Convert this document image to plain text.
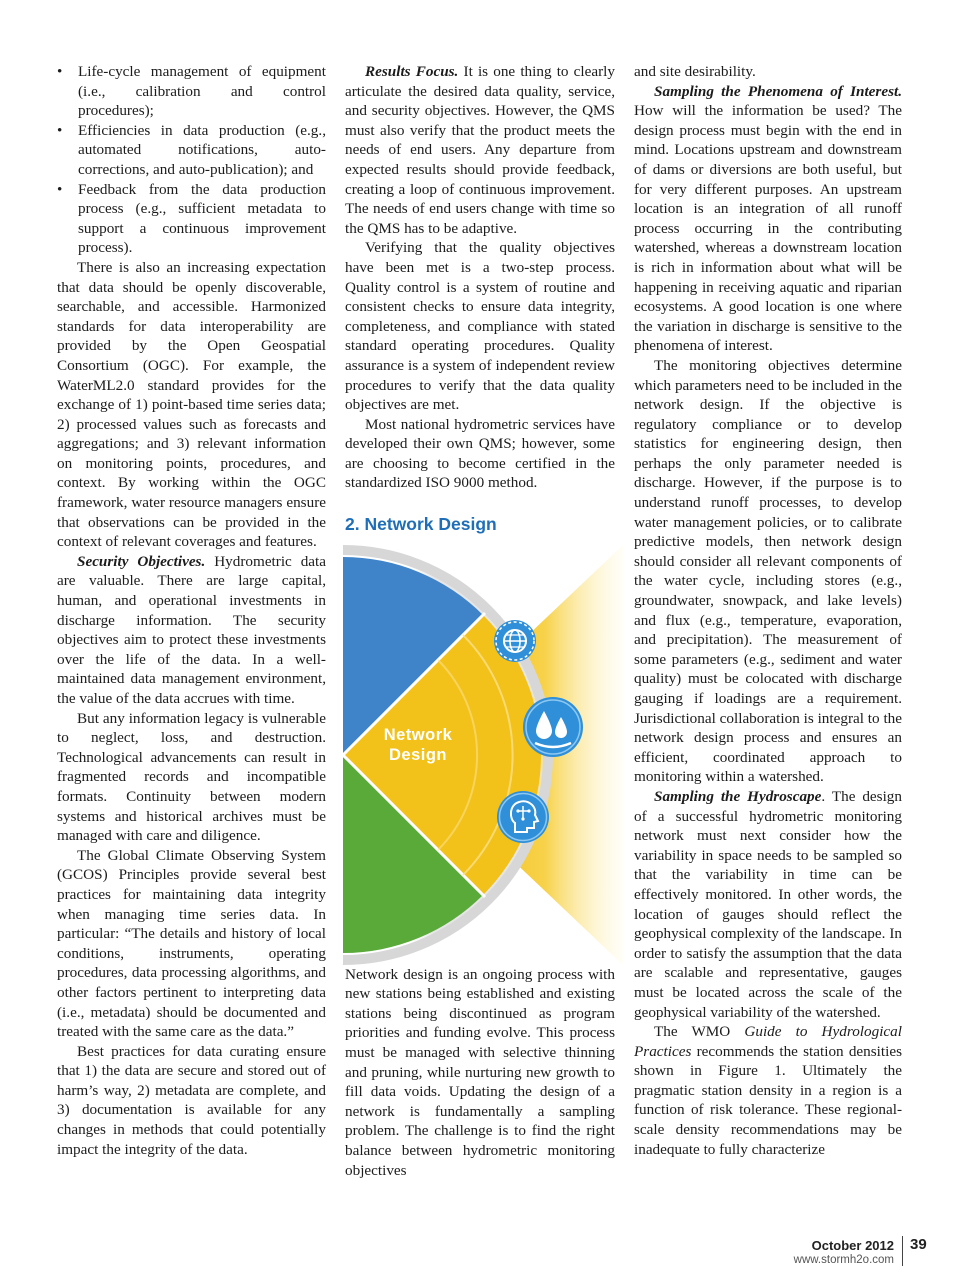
• Life-cycle management of equipment (i.e., calibration and control procedures);
• Efficiencies in data production (e.g., automated notifications, auto-corrections, and auto-publication); and
• Feedback from the data production process (e.g., sufficient metadata to support a continuous improvement process).

There is also an increasing expectation that data should be openly discoverable, searchable, and accessible. Harmonized standards for data interoperability are provided by the Open Geospatial Consortium (OGC). For example, the WaterML2.0 standard provides for the exchange of 1) point-based time series data; 2) processed values such as forecasts and aggregations; and 3) relevant information on monitoring points, procedures, and context. By working within the OGC framework, water resource managers ensure that observations can be provided in the context of relevant coverages and features.

Security Objectives. Hydrometric data are valuable. There are large capital, human, and operational investments in discharge information. The security objectives aim to protect these investments over the life of the data. In a well-maintained data management environment, the value of the data accrues with time.

But any information legacy is vulnerable to neglect, loss, and destruction. Technological advancements can result in fragmented records and incompatible formats. Continuity between modern systems and historical archives must be managed with care and diligence.

The Global Climate Observing System (GCOS) Principles provide several best practices for maintaining data integrity when managing time series data. In particular: “The details and history of local conditions, instruments, operating procedures, data processing algorithms, and other factors pertinent to interpreting data (i.e., metadata) should be documented and treated with the same care as the data.”

Best practices for data curating ensure that 1) the data are secure and stored out of harm’s way, 2) metadata are complete, and 3) documentation is available for any changes in methods that could potentially impact the integrity of the data.

Results Focus. It is one thing to clearly articulate the desired data quality, service, and security objectives. However, the QMS must also verify that the product meets the needs of end users. Any departure from expected results should provide feedback, creating a loop of continuous improvement. The needs of end users change with time so the QMS has to be adaptive.

Verifying that the quality objectives have been met is a two-step process. Quality control is a system of routine and consistent checks to ensure data integrity, completeness, and compliance with stated standard operating procedures. Quality assurance is a system of independent review procedures to verify that the data quality objectives are met.

Most national hydrometric services have developed their own QMS; however, some are choosing to become certified in the standardized ISO 9000 method.

2. Network Design
Network Design

Network design is an ongoing process with new stations being established and existing stations being discontinued as program priorities and funding evolve. This process must be managed with selective thinning and pruning, while nurturing new growth to fill data voids. Updating the design of a network is fundamentally a sampling problem. The challenge is to find the right balance between hydrometric monitoring objectives

and site desirability.

Sampling the Phenomena of Interest. How will the information be used? The design process must begin with the end in mind. Locations upstream and downstream of dams or diversions are both useful, but for very different purposes. An upstream location is an integration of all runoff process occurring in the contributing watershed, whereas a downstream location is rich in information about what will be happening in receiving aquatic and riparian ecosystems. A good location is one where the variation in discharge is sensitive to the phenomena of interest.

The monitoring objectives determine which parameters need to be included in the network design. If the objective is regulatory compliance or to develop statistics for engineering design, then perhaps the only parameter needed is discharge. However, if the purpose is to understand runoff processes, to develop water management policies, or to calibrate predictive models, then network design should consider all relevant components of the water cycle, including stores (e.g., groundwater, snowpack, and lake levels) and flux (e.g., temperature, evaporation, and precipitation). The measurement of some parameters (e.g., sediment and water quality) must be colocated with discharge gauging if loadings are a requirement. Jurisdictional collaboration is integral to the network design process and ensures an efficient, coordinated approach to monitoring within a watershed.

Sampling the Hydroscape. The design of a successful hydrometric monitoring network must next consider how the variability in space needs to be sampled so that the variability in time can be effectively monitored. In other words, the location of gauges should reflect the geophysical complexity of the landscape. In order to satisfy the assumption that the data are scalable and representative, gauges must be located across the scale of the geophysical variability of the watershed.

The WMO Guide to Hydrological Practices recommends the station densities shown in Figure 1. Ultimately the pragmatic station density in a region is a function of risk tolerance. These regional-scale density recommendations may be inadequate to fully characterize

October 2012
www.stormh2o.com
39
